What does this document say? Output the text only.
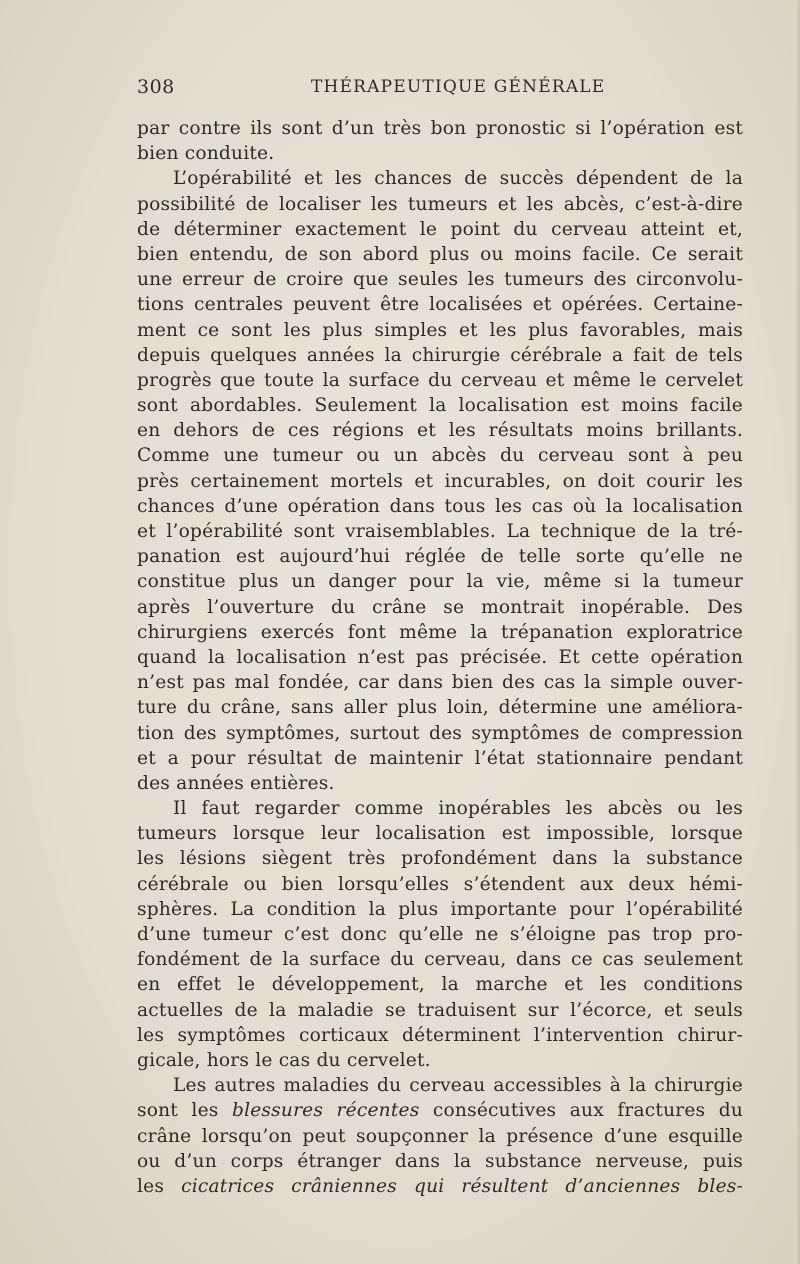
308	THÉRAPEUTIQUE GÉNÉRALE
par contre ils sont d’un très bon pronostic si l’opération est
bien conduite.
L’opérabilité et les chances de succès dépendent de la
possibilité de localiser les tumeurs et les abcès, c’est-à-dire
de déterminer exactement le point du cerveau atteint et,
bien entendu, de son abord plus ou moins facile. Ce serait
une erreur de croire que seules les tumeurs des circonvolu-
tions centrales peuvent être localisées et opérées. Certaine-
ment ce sont les plus simples et les plus favorables, mais
depuis quelques années la chirurgie cérébrale a fait de tels
progrès que toute la surface du cerveau et même le cervelet
sont abordables. Seulement la localisation est moins facile
en dehors de ces régions et les résultats moins brillants.
Comme une tumeur ou un abcès du cerveau sont à peu
près certainement mortels et incurables, on doit courir les
chances d’une opération dans tous les cas où la localisation
et l’opérabilité sont vraisemblables. La technique de la tré-
panation est aujourd’hui réglée de telle sorte qu’elle ne
constitue plus un danger pour la vie, même si la tumeur
après l’ouverture du crâne se montrait inopérable. Des
chirurgiens exercés font même la trépanation exploratrice
quand la localisation n’est pas précisée. Et cette opération
n’est pas mal fondée, car dans bien des cas la simple ouver-
ture du crâne, sans aller plus loin, détermine une améliora-
tion des symptômes, surtout des symptômes de compression
et a pour résultat de maintenir l’état stationnaire pendant
des années entières.
Il faut regarder comme inopérables les abcès ou les
tumeurs lorsque leur localisation est impossible, lorsque
les lésions siègent très profondément dans la substance
cérébrale ou bien lorsqu’elles s’étendent aux deux hémi-
sphères. La condition la plus importante pour l’opérabilité
d’une tumeur c’est donc qu’elle ne s’éloigne pas trop pro-
fondément de la surface du cerveau, dans ce cas seulement
en effet le développement, la marche et les conditions
actuelles de la maladie se traduisent sur l’écorce, et seuls
les symptômes corticaux déterminent l’intervention chirur-
gicale, hors le cas du cervelet.
Les autres maladies du cerveau accessibles à la chirurgie
sont les blessures récentes consécutives aux fractures du
crâne lorsqu’on peut soupçonner la présence d’une esquille
ou d’un corps étranger dans la substance nerveuse, puis
les cicatrices crâniennes qui résultent d’anciennes bles-
